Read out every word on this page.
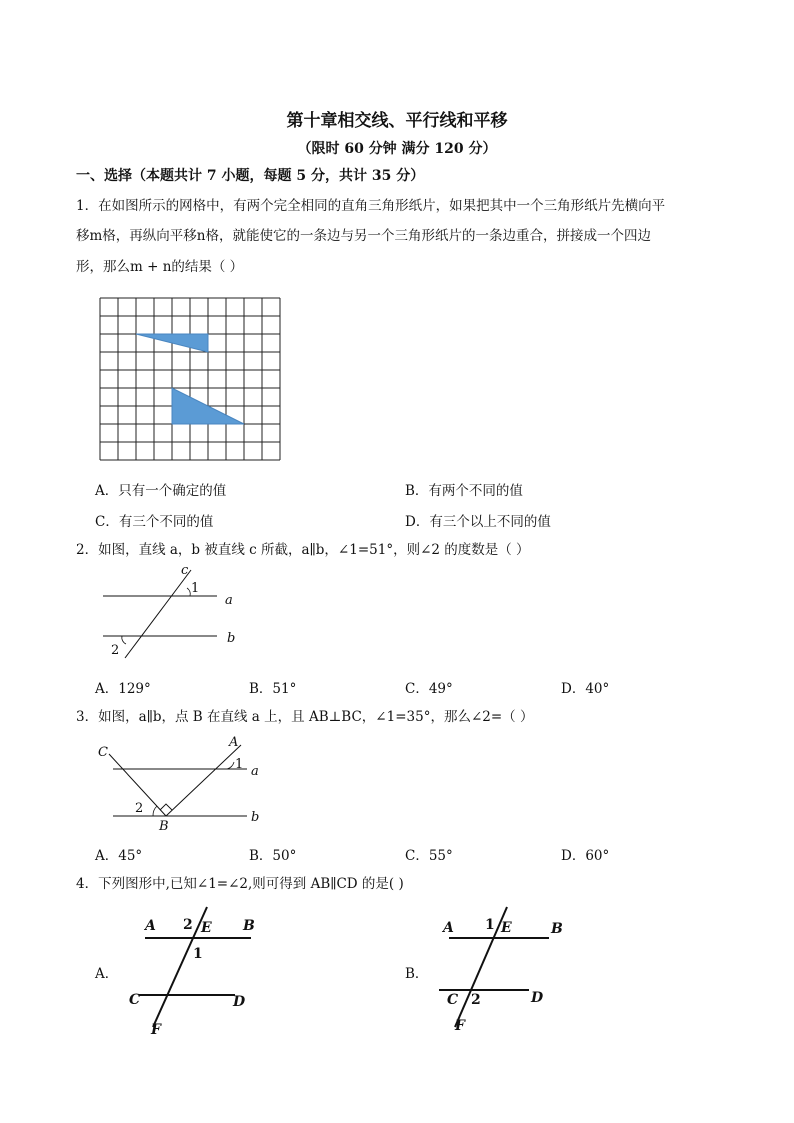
第十章相交线、平行线和平移
（限时 60 分钟 满分 120 分）
一、选择（本题共计 7 小题，每题 5 分，共计 35 分）
1．在如图所示的网格中，有两个完全相同的直角三角形纸片，如果把其中一个三角形纸片先横向平
移m格，再纵向平移n格，就能使它的一条边与另一个三角形纸片的一条边重合，拼接成一个四边
形，那么m + n的结果（ ）
A．只有一个确定的值	B．有两个不同的值
C．有三个不同的值	D．有三个以上不同的值
2．如图，直线 a，b 被直线 c 所截，a∥b，∠1=51°，则∠2 的度数是（ ）
c
1
a
b
2
A．129°	B．51°	C．49°	D．40°
3．如图，a∥b，点 B 在直线 a 上，且 AB⊥BC，∠1=35°，那么∠2=（ ）
C
A
1 a
2
B
b
A．45°	B．50°	C．55°	D．60°
4．下列图形中,已知∠1=∠2,则可得到 AB∥CD 的是( )
A．
A 2 E B
1
C	D
F
B．
A 1 E	B
C 2	D
F
